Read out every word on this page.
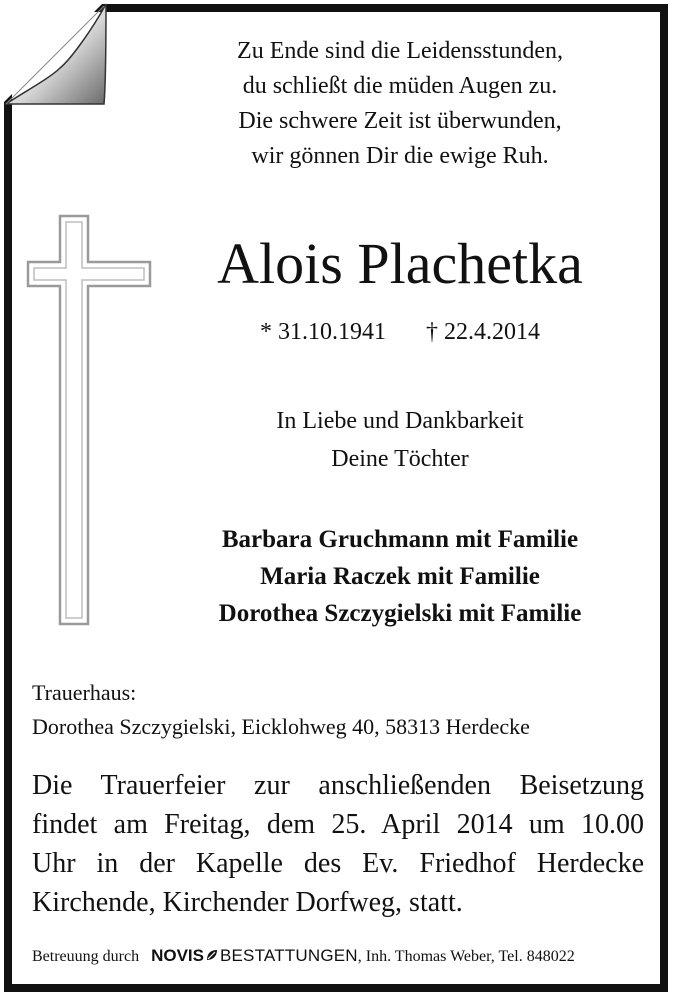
Zu Ende sind die Leidensstunden,
du schließt die müden Augen zu.
Die schwere Zeit ist überwunden,
wir gönnen Dir die ewige Ruh.
Alois Plachetka
* 31.10.1941 † 22.4.2014
In Liebe und Dankbarkeit
Deine Töchter
Barbara Gruchmann mit Familie
Maria Raczek mit Familie
Dorothea Szczygielski mit Familie
Trauerhaus:
Dorothea Szczygielski, Eicklohweg 40, 58313 Herdecke
Die Trauerfeier zur anschließenden Beisetzung
findet am Freitag, dem 25. April 2014 um 10.00
Uhr in der Kapelle des Ev. Friedhof Herdecke
Kirchende, Kirchender Dorfweg, statt.
Betreuung durch NOVIS BESTATTUNGEN, Inh. Thomas Weber, Tel. 848022
